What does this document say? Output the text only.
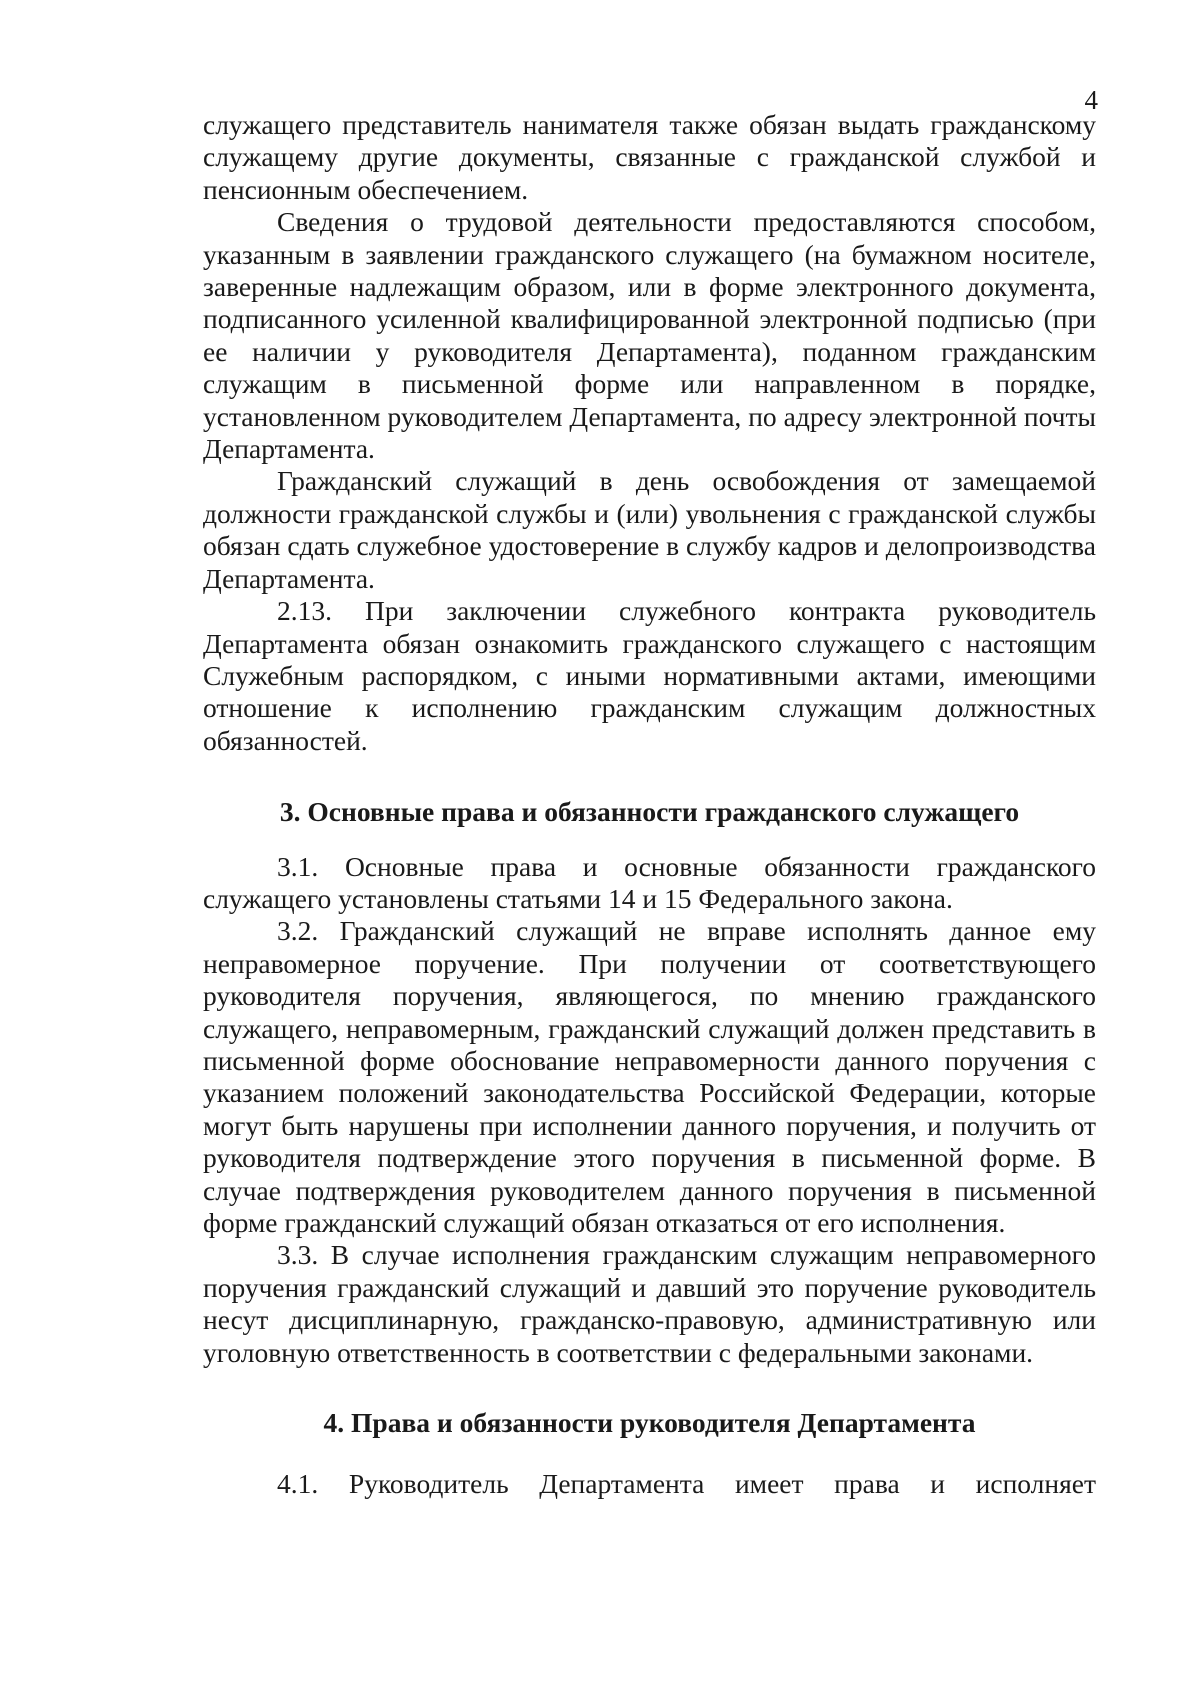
4

служащего представитель нанимателя также обязан выдать гражданскому служащему другие документы, связанные с гражданской службой и пенсионным обеспечением.

Сведения о трудовой деятельности предоставляются способом, указанным в заявлении гражданского служащего (на бумажном носителе, заверенные надлежащим образом, или в форме электронного документа, подписанного усиленной квалифицированной электронной подписью (при ее наличии у руководителя Департамента), поданном гражданским служащим в письменной форме или направленном в порядке, установленном руководителем Департамента, по адресу электронной почты Департамента.

Гражданский служащий в день освобождения от замещаемой должности гражданской службы и (или) увольнения с гражданской службы обязан сдать служебное удостоверение в службу кадров и делопроизводства Департамента.

2.13. При заключении служебного контракта руководитель Департамента обязан ознакомить гражданского служащего с настоящим Служебным распорядком, с иными нормативными актами, имеющими отношение к исполнению гражданским служащим должностных обязанностей.

3. Основные права и обязанности гражданского служащего

3.1. Основные права и основные обязанности гражданского служащего установлены статьями 14 и 15 Федерального закона.

3.2. Гражданский служащий не вправе исполнять данное ему неправомерное поручение. При получении от соответствующего руководителя поручения, являющегося, по мнению гражданского служащего, неправомерным, гражданский служащий должен представить в письменной форме обоснование неправомерности данного поручения с указанием положений законодательства Российской Федерации, которые могут быть нарушены при исполнении данного поручения, и получить от руководителя подтверждение этого поручения в письменной форме. В случае подтверждения руководителем данного поручения в письменной форме гражданский служащий обязан отказаться от его исполнения.

3.3. В случае исполнения гражданским служащим неправомерного поручения гражданский служащий и давший это поручение руководитель несут дисциплинарную, гражданско-правовую, административную или уголовную ответственность в соответствии с федеральными законами.

4. Права и обязанности руководителя Департамента

4.1. Руководитель Департамента имеет права и исполняет
